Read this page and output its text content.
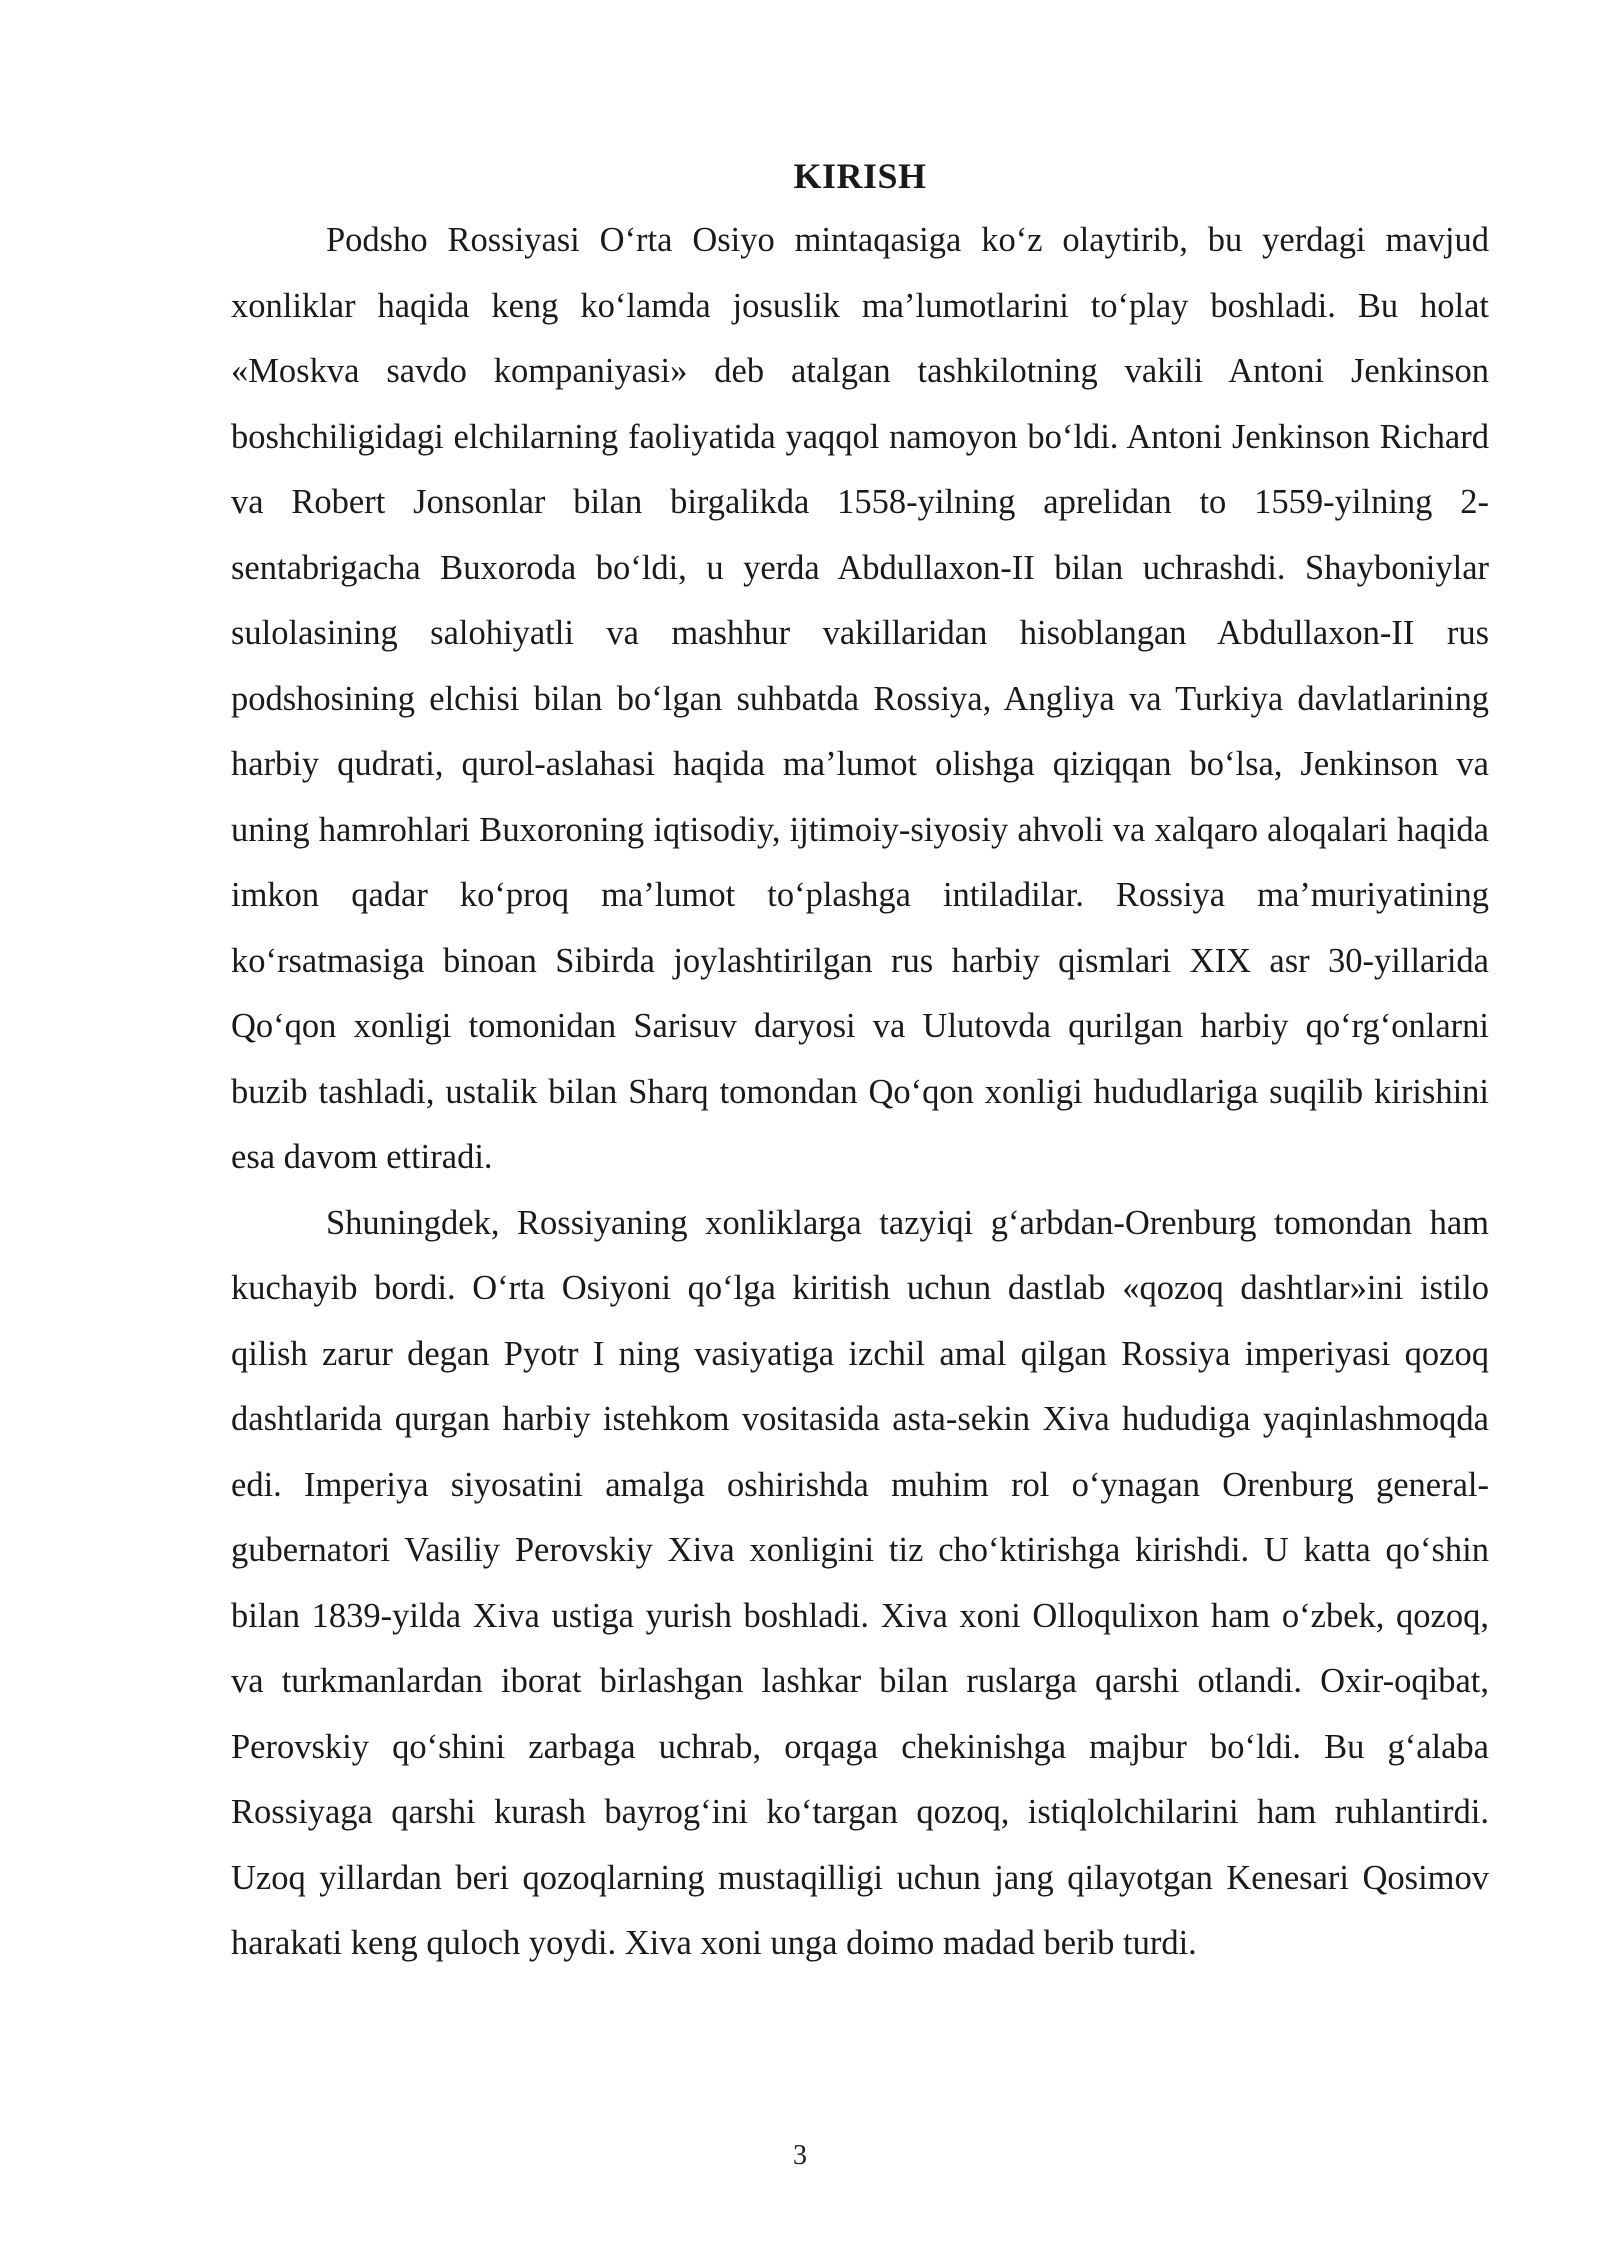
KIRISH

Podsho Rossiyasi O‘rta Osiyo mintaqasiga ko‘z olaytirib, bu yerdagi mavjud xonliklar haqida keng ko‘lamda josuslik ma’lumotlarini to‘play boshladi. Bu holat «Moskva savdo kompaniyasi» deb atalgan tashkilotning vakili Antoni Jenkinson boshchiligidagi elchilarning faoliyatida yaqqol namoyon bo‘ldi. Antoni Jenkinson Richard va Robert Jonsonlar bilan birgalikda 1558-yilning aprelidan to 1559-yilning 2-sentabrigacha Buxoroda bo‘ldi, u yerda Abdullaxon-II bilan uchrashdi. Shayboniylar sulolasining salohiyatli va mashhur vakillaridan hisoblangan Abdullaxon-II rus podshosining elchisi bilan bo‘lgan suhbatda Rossiya, Angliya va Turkiya davlatlarining harbiy qudrati, qurol-aslahasi haqida ma’lumot olishga qiziqqan bo‘lsa, Jenkinson va uning hamrohlari Buxoroning iqtisodiy, ijtimoiy-siyosiy ahvoli va xalqaro aloqalari haqida imkon qadar ko‘proq ma’lumot to‘plashga intiladilar. Rossiya ma’muriyatining ko‘rsatmasiga binoan Sibirda joylashtirilgan rus harbiy qismlari XIX asr 30-yillarida Qo‘qon xonligi tomonidan Sarisuv daryosi va Ulutovda qurilgan harbiy qo‘rg‘onlarni buzib tashladi, ustalik bilan Sharq tomondan Qo‘qon xonligi hududlariga suqilib kirishini esa davom ettiradi.

Shuningdek, Rossiyaning xonliklarga tazyiqi g‘arbdan-Orenburg tomondan ham kuchayib bordi. O‘rta Osiyoni qo‘lga kiritish uchun dastlab «qozoq dashtlar»ini istilo qilish zarur degan Pyotr I ning vasiyatiga izchil amal qilgan Rossiya imperiyasi qozoq dashtlarida qurgan harbiy istehkom vositasida asta-sekin Xiva hududiga yaqinlashmoqda edi. Imperiya siyosatini amalga oshirishda muhim rol o‘ynagan Orenburg general-gubernatori Vasiliy Perovskiy Xiva xonligini tiz cho‘ktirishga kirishdi. U katta qo‘shin bilan 1839-yilda Xiva ustiga yurish boshladi. Xiva xoni Olloqulixon ham o‘zbek, qozoq, va turkmanlardan iborat birlashgan lashkar bilan ruslarga qarshi otlandi. Oxir-oqibat, Perovskiy qo‘shini zarbaga uchrab, orqaga chekinishga majbur bo‘ldi. Bu g‘alaba Rossiyaga qarshi kurash bayrog‘ini ko‘targan qozoq, istiqlolchilarini ham ruhlantirdi. Uzoq yillardan beri qozoqlarning mustaqilligi uchun jang qilayotgan Kenesari Qosimov harakati keng quloch yoydi. Xiva xoni unga doimo madad berib turdi.

3
